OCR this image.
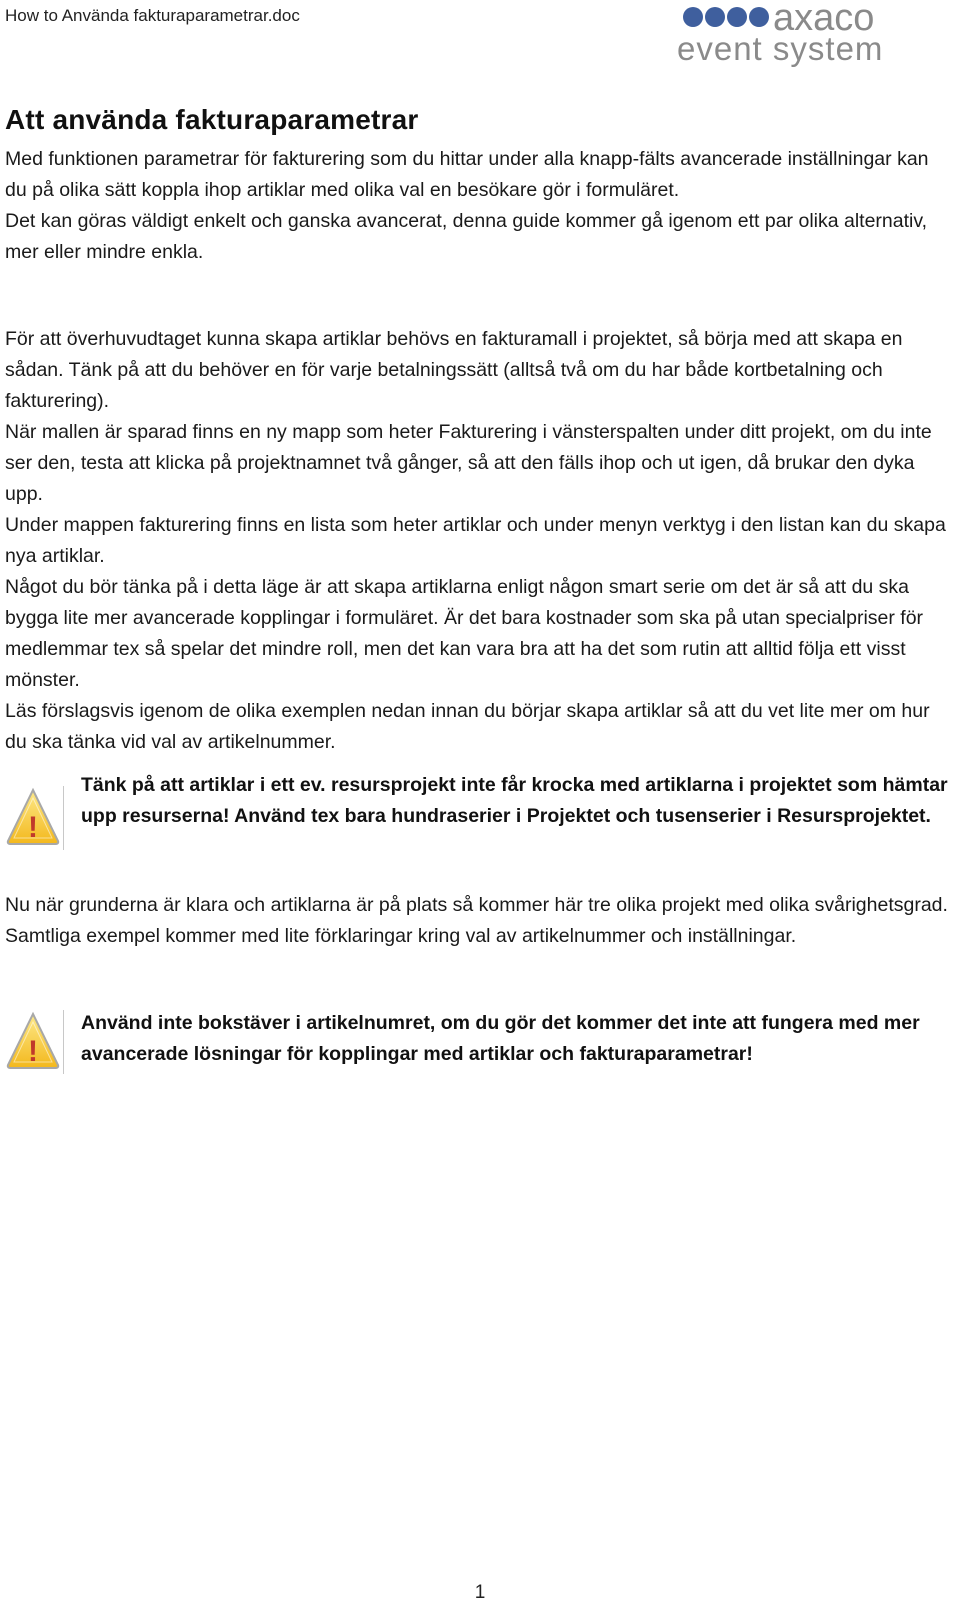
How to Använda fakturaparametrar.doc	axaco
event system
Att använda fakturaparametrar

Med funktionen parametrar för fakturering som du hittar under alla knapp-fälts avancerade inställningar kan du på olika sätt koppla ihop artiklar med olika val en besökare gör i formuläret.

Det kan göras väldigt enkelt och ganska avancerat, denna guide kommer gå igenom ett par olika alternativ, mer eller mindre enkla.

För att överhuvudtaget kunna skapa artiklar behövs en fakturamall i projektet, så börja med att skapa en sådan. Tänk på att du behöver en för varje betalningssätt (alltså två om du har både kortbetalning och fakturering).

När mallen är sparad finns en ny mapp som heter Fakturering i vänsterspalten under ditt projekt, om du inte ser den, testa att klicka på projektnamnet två gånger, så att den fälls ihop och ut igen, då brukar den dyka upp.

Under mappen fakturering finns en lista som heter artiklar och under menyn verktyg i den listan kan du skapa nya artiklar.

Något du bör tänka på i detta läge är att skapa artiklarna enligt någon smart serie om det är så att du ska bygga lite mer avancerade kopplingar i formuläret. Är det bara kostnader som ska på utan specialpriser för medlemmar tex så spelar det mindre roll, men det kan vara bra att ha det som rutin att alltid följa ett visst mönster.

Läs förslagsvis igenom de olika exemplen nedan innan du börjar skapa artiklar så att du vet lite mer om hur du ska tänka vid val av artikelnummer.

!
Tänk på att artiklar i ett ev. resursprojekt inte får krocka med artiklarna i projektet som hämtar upp resurserna! Använd tex bara hundraserier i Projektet och tusenserier i Resursprojektet.

Nu när grunderna är klara och artiklarna är på plats så kommer här tre olika projekt med olika svårighetsgrad. Samtliga exempel kommer med lite förklaringar kring val av artikelnummer och inställningar.

!
Använd inte bokstäver i artikelnumret, om du gör det kommer det inte att fungera med mer avancerade lösningar för kopplingar med artiklar och fakturaparametrar!
1
